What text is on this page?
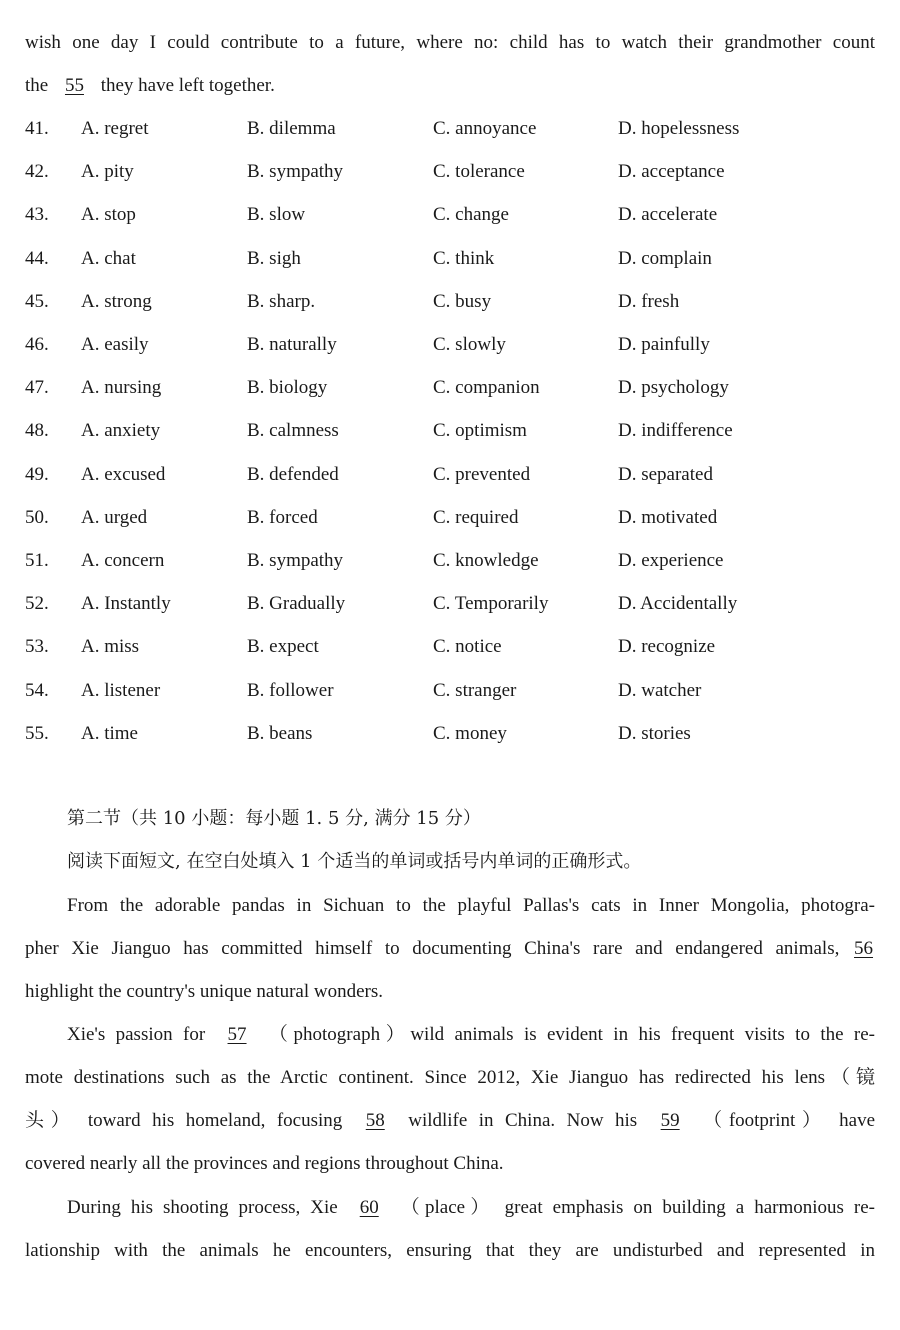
wish one day I could contribute to a future, where no: child has to watch their grandmother count
the 55 they have left together.
41. A. regret	B. dilemma	C. annoyance	D. hopelessness
42. A. pity	B. sympathy	C. tolerance	D. acceptance
43. A. stop	B. slow	C. change	D. accelerate
44. A. chat	B. sigh	C. think	D. complain
45. A. strong	B. sharp.	C. busy	D. fresh
46. A. easily	B. naturally	C. slowly	D. painfully
47. A. nursing	B. biology	C. companion	D. psychology
48. A. anxiety	B. calmness	C. optimism	D. indifference
49. A. excused	B. defended	C. prevented	D. separated
50. A. urged	B. forced	C. required	D. motivated
51. A. concern	B. sympathy	C. knowledge	D. experience
52. A. Instantly	B. Gradually	C. Temporarily	D. Accidentally
53. A. miss	B. expect	C. notice	D. recognize
54. A. listener	B. follower	C. stranger	D. watcher
55. A. time	B. beans	C. money	D. stories
第二节（共 10 小题：每小题 1. 5 分, 满分 15 分）
阅读下面短文, 在空白处填入 1 个适当的单词或括号内单词的正确形式。
From the adorable pandas in Sichuan to the playful Pallas's cats in Inner Mongolia, photogra-
pher Xie Jianguo has committed himself to documenting China's rare and endangered animals, 56
highlight the country's unique natural wonders.
Xie's passion for 57 （photograph）wild animals is evident in his frequent visits to the re-
mote destinations such as the Arctic continent. Since 2012, Xie Jianguo has redirected his lens（镜
头） toward his homeland, focusing 58 wildlife in China. Now his 59 （footprint） have
covered nearly all the provinces and regions throughout China.
During his shooting process, Xie 60 （place） great emphasis on building a harmonious re-
lationship with the animals he encounters, ensuring that they are undisturbed and represented in
